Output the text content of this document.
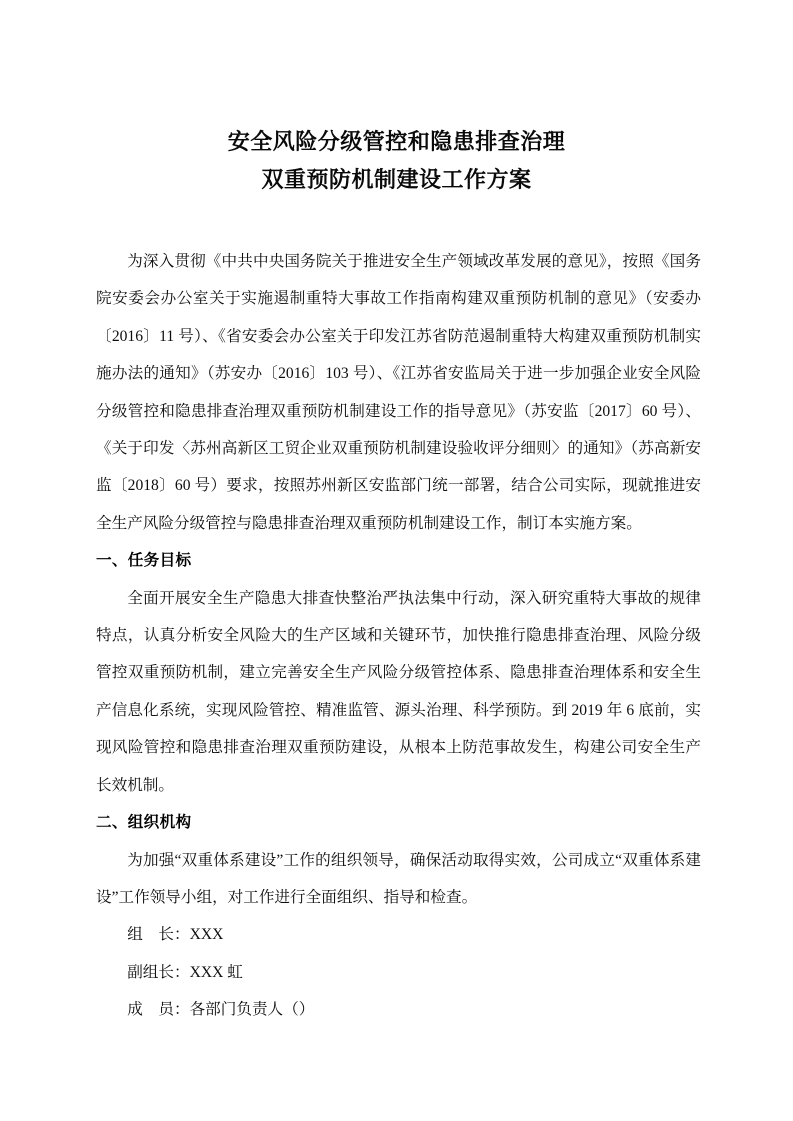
安全风险分级管控和隐患排查治理
双重预防机制建设工作方案

为深入贯彻《中共中央国务院关于推进安全生产领域改革发展的意见》，按照《国务院安委会办公室关于实施遏制重特大事故工作指南构建双重预防机制的意见》（安委办〔2016〕11 号）、《省安委会办公室关于印发江苏省防范遏制重特大构建双重预防机制实施办法的通知》（苏安办〔2016〕103 号）、《江苏省安监局关于进一步加强企业安全风险分级管控和隐患排查治理双重预防机制建设工作的指导意见》（苏安监〔2017〕60 号）、《关于印发〈苏州高新区工贸企业双重预防机制建设验收评分细则〉的通知》（苏高新安监〔2018〕60 号）要求，按照苏州新区安监部门统一部署，结合公司实际，现就推进安全生产风险分级管控与隐患排查治理双重预防机制建设工作，制订本实施方案。

一、任务目标

全面开展安全生产隐患大排查快整治严执法集中行动，深入研究重特大事故的规律特点，认真分析安全风险大的生产区域和关键环节，加快推行隐患排查治理、风险分级管控双重预防机制，建立完善安全生产风险分级管控体系、隐患排查治理体系和安全生产信息化系统，实现风险管控、精准监管、源头治理、科学预防。到 2019 年 6 底前，实现风险管控和隐患排查治理双重预防建设，从根本上防范事故发生，构建公司安全生产长效机制。

二、组织机构

为加强“双重体系建设”工作的组织领导，确保活动取得实效，公司成立“双重体系建设”工作领导小组，对工作进行全面组织、指导和检查。

组　长：XXX

副组长：XXX 虹

成　员：各部门负责人（）
